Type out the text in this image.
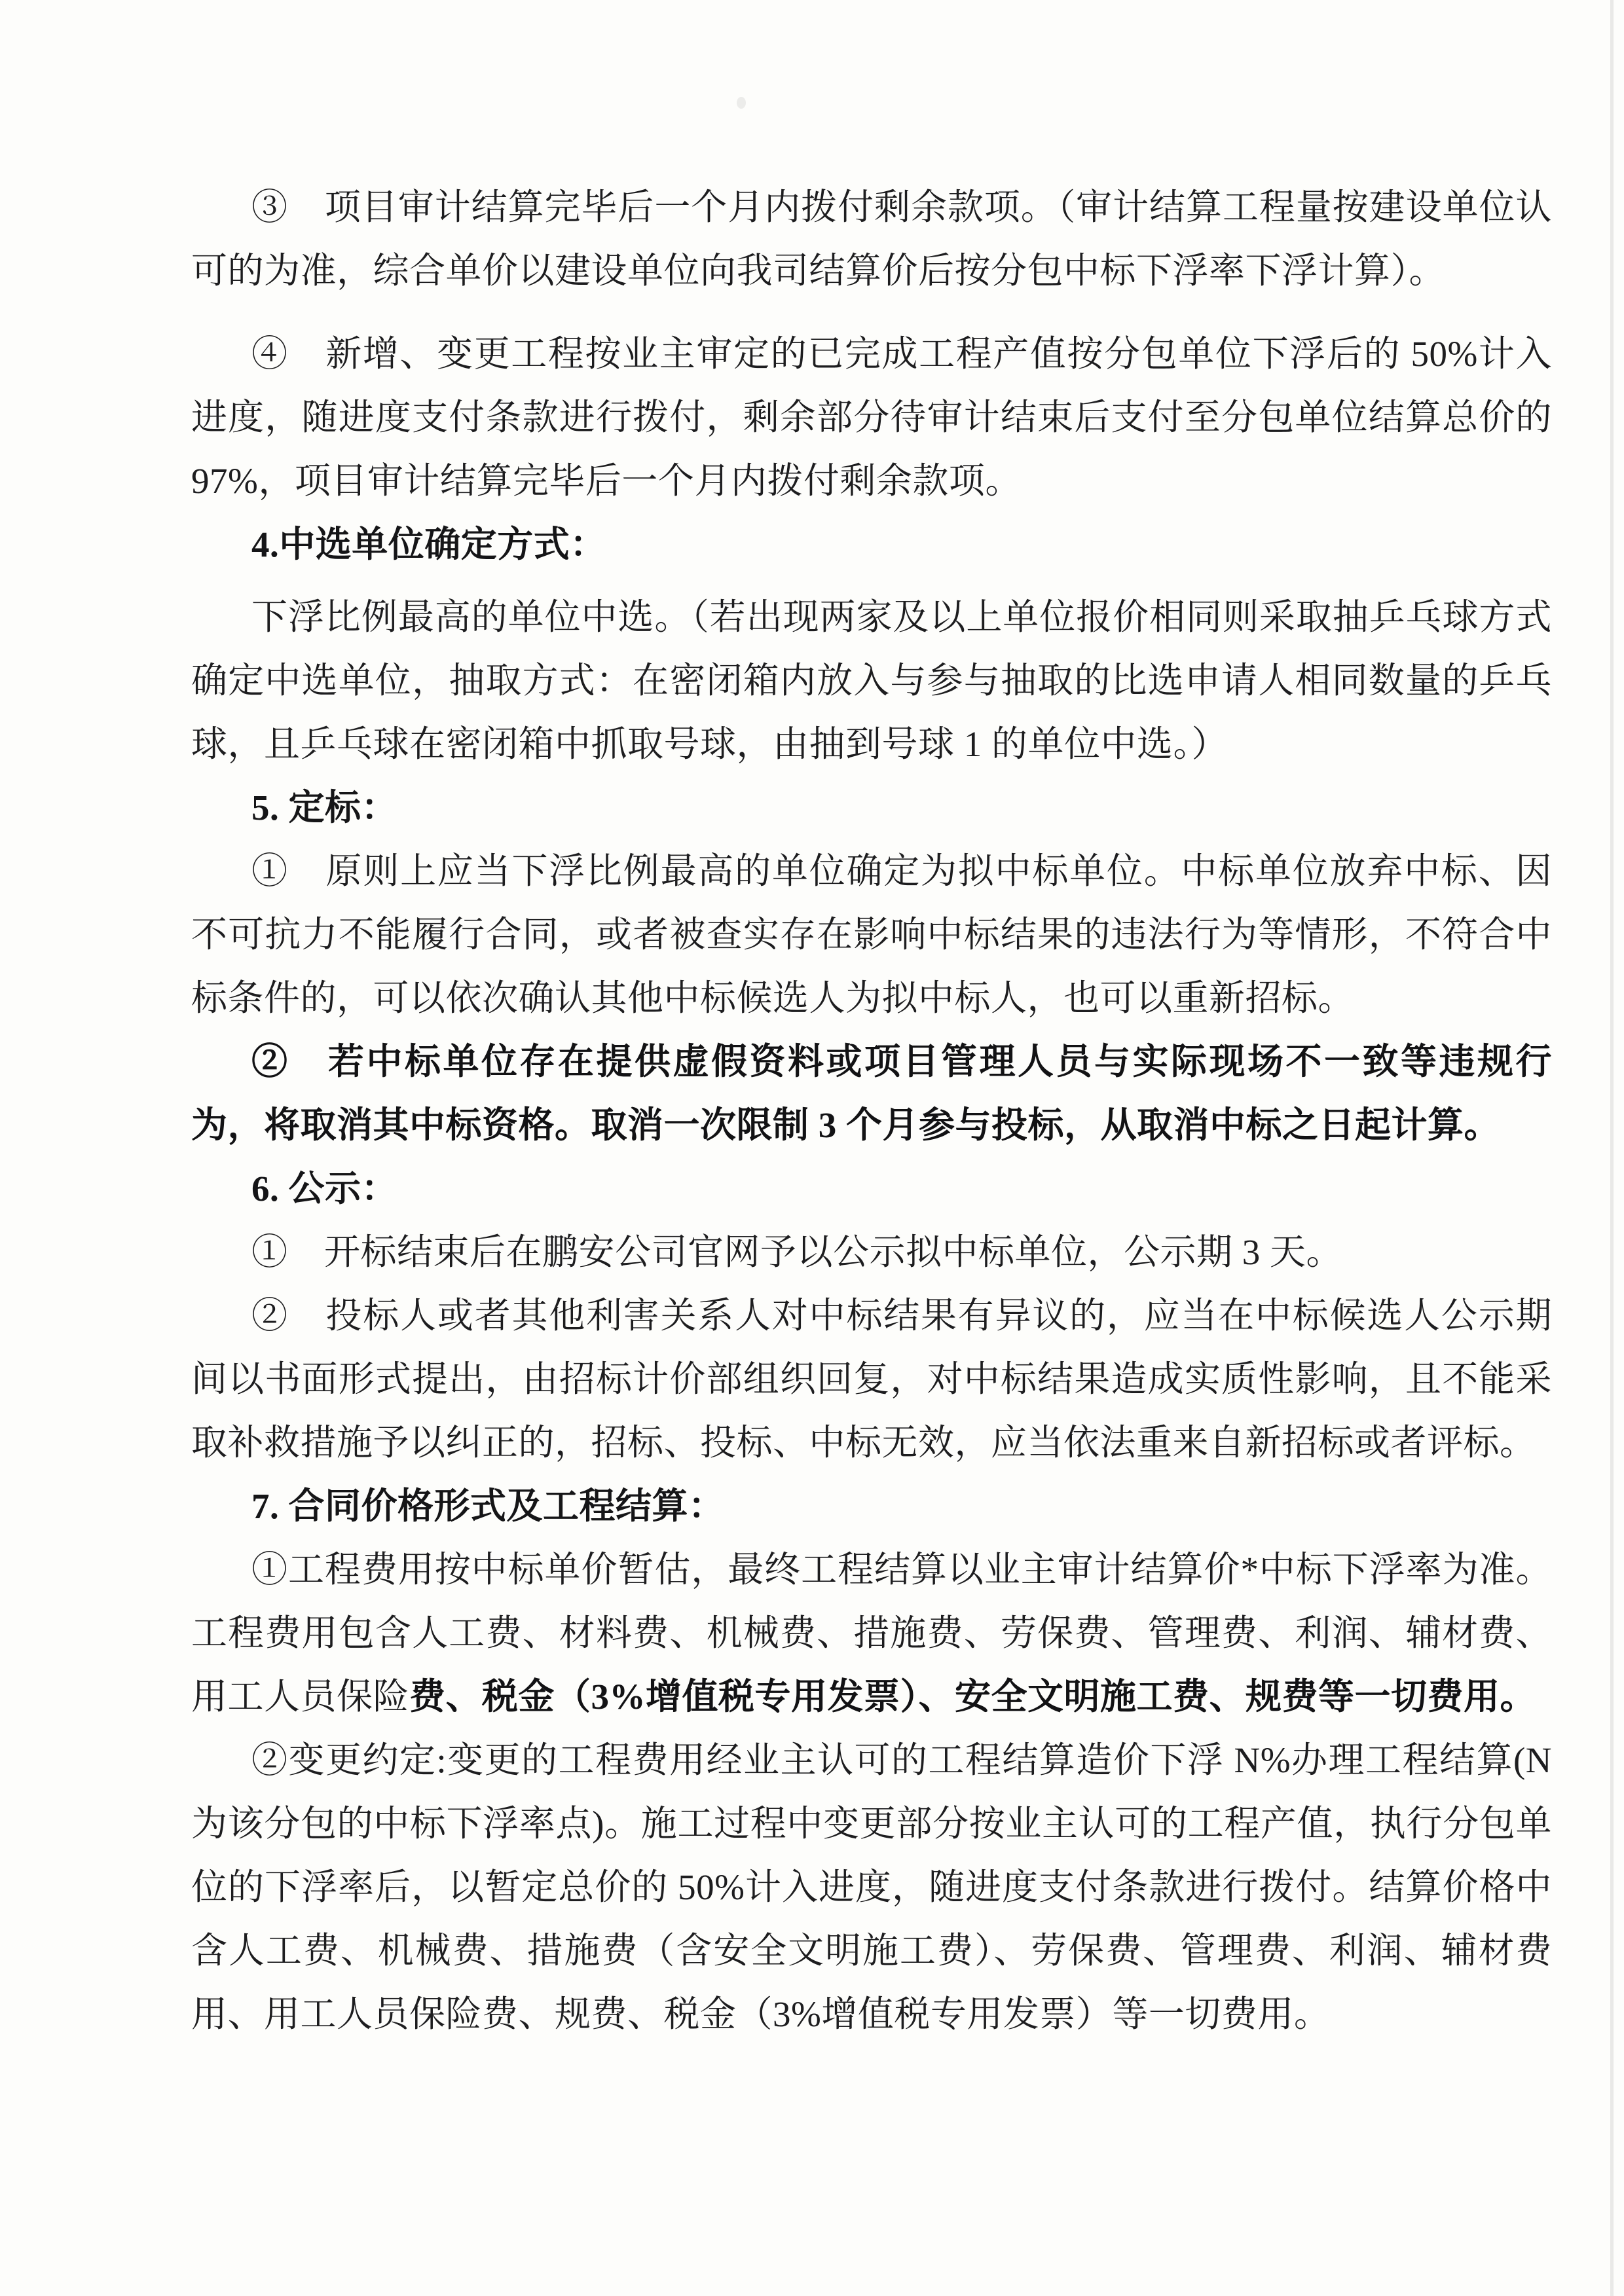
③　项目审计结算完毕后一个月内拨付剩余款项。（审计结算工程量按建设单位认可的为准，综合单价以建设单位向我司结算价后按分包中标下浮率下浮计算）。

④　新增、变更工程按业主审定的已完成工程产值按分包单位下浮后的 50%计入进度，随进度支付条款进行拨付，剩余部分待审计结束后支付至分包单位结算总价的 97%，项目审计结算完毕后一个月内拨付剩余款项。

4.中选单位确定方式：

下浮比例最高的单位中选。（若出现两家及以上单位报价相同则采取抽乒乓球方式确定中选单位，抽取方式：在密闭箱内放入与参与抽取的比选申请人相同数量的乒乓球，且乒乓球在密闭箱中抓取号球，由抽到号球 1 的单位中选。）

5. 定标：

①　原则上应当下浮比例最高的单位确定为拟中标单位。中标单位放弃中标、因不可抗力不能履行合同，或者被查实存在影响中标结果的违法行为等情形，不符合中标条件的，可以依次确认其他中标候选人为拟中标人，也可以重新招标。

②　若中标单位存在提供虚假资料或项目管理人员与实际现场不一致等违规行为，将取消其中标资格。取消一次限制 3 个月参与投标，从取消中标之日起计算。

6. 公示：

①　开标结束后在鹏安公司官网予以公示拟中标单位，公示期 3 天。

②　投标人或者其他利害关系人对中标结果有异议的，应当在中标候选人公示期间以书面形式提出，由招标计价部组织回复，对中标结果造成实质性影响，且不能采取补救措施予以纠正的，招标、投标、中标无效，应当依法重来自新招标或者评标。

7. 合同价格形式及工程结算：

①工程费用按中标单价暂估，最终工程结算以业主审计结算价*中标下浮率为准。工程费用包含人工费、材料费、机械费、措施费、劳保费、管理费、利润、辅材费、用工人员保险费、税金（3%增值税专用发票）、安全文明施工费、规费等一切费用。

②变更约定:变更的工程费用经业主认可的工程结算造价下浮 N%办理工程结算(N 为该分包的中标下浮率点)。施工过程中变更部分按业主认可的工程产值，执行分包单位的下浮率后，以暂定总价的 50%计入进度，随进度支付条款进行拨付。结算价格中含人工费、机械费、措施费（含安全文明施工费）、劳保费、管理费、利润、辅材费用、用工人员保险费、规费、税金（3%增值税专用发票）等一切费用。
